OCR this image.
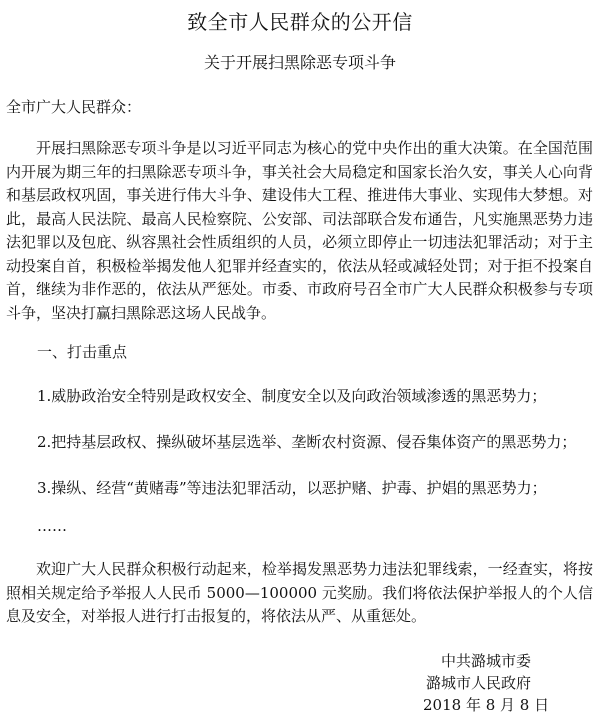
致全市人民群众的公开信
关于开展扫黑除恶专项斗争
全市广大人民群众：
开展扫黑除恶专项斗争是以习近平同志为核心的党中央作出的重大决策。在全国范围内开展为期三年的扫黑除恶专项斗争，事关社会大局稳定和国家长治久安，事关人心向背和基层政权巩固，事关进行伟大斗争、建设伟大工程、推进伟大事业、实现伟大梦想。对此，最高人民法院、最高人民检察院、公安部、司法部联合发布通告，凡实施黑恶势力违法犯罪以及包庇、纵容黑社会性质组织的人员，必须立即停止一切违法犯罪活动；对于主动投案自首，积极检举揭发他人犯罪并经查实的，依法从轻或减轻处罚；对于拒不投案自首，继续为非作恶的，依法从严惩处。市委、市政府号召全市广大人民群众积极参与专项斗争，坚决打赢扫黑除恶这场人民战争。
一、打击重点
1.威胁政治安全特别是政权安全、制度安全以及向政治领域渗透的黑恶势力；
2.把持基层政权、操纵破坏基层选举、垄断农村资源、侵吞集体资产的黑恶势力；
3.操纵、经营“黄赌毒”等违法犯罪活动，以恶护赌、护毒、护娼的黑恶势力；
……
欢迎广大人民群众积极行动起来，检举揭发黑恶势力违法犯罪线索，一经查实，将按照相关规定给予举报人人民币 5000—100000 元奖励。我们将依法保护举报人的个人信息及安全，对举报人进行打击报复的，将依法从严、从重惩处。
中共潞城市委
潞城市人民政府
2018 年 8 月 8 日
